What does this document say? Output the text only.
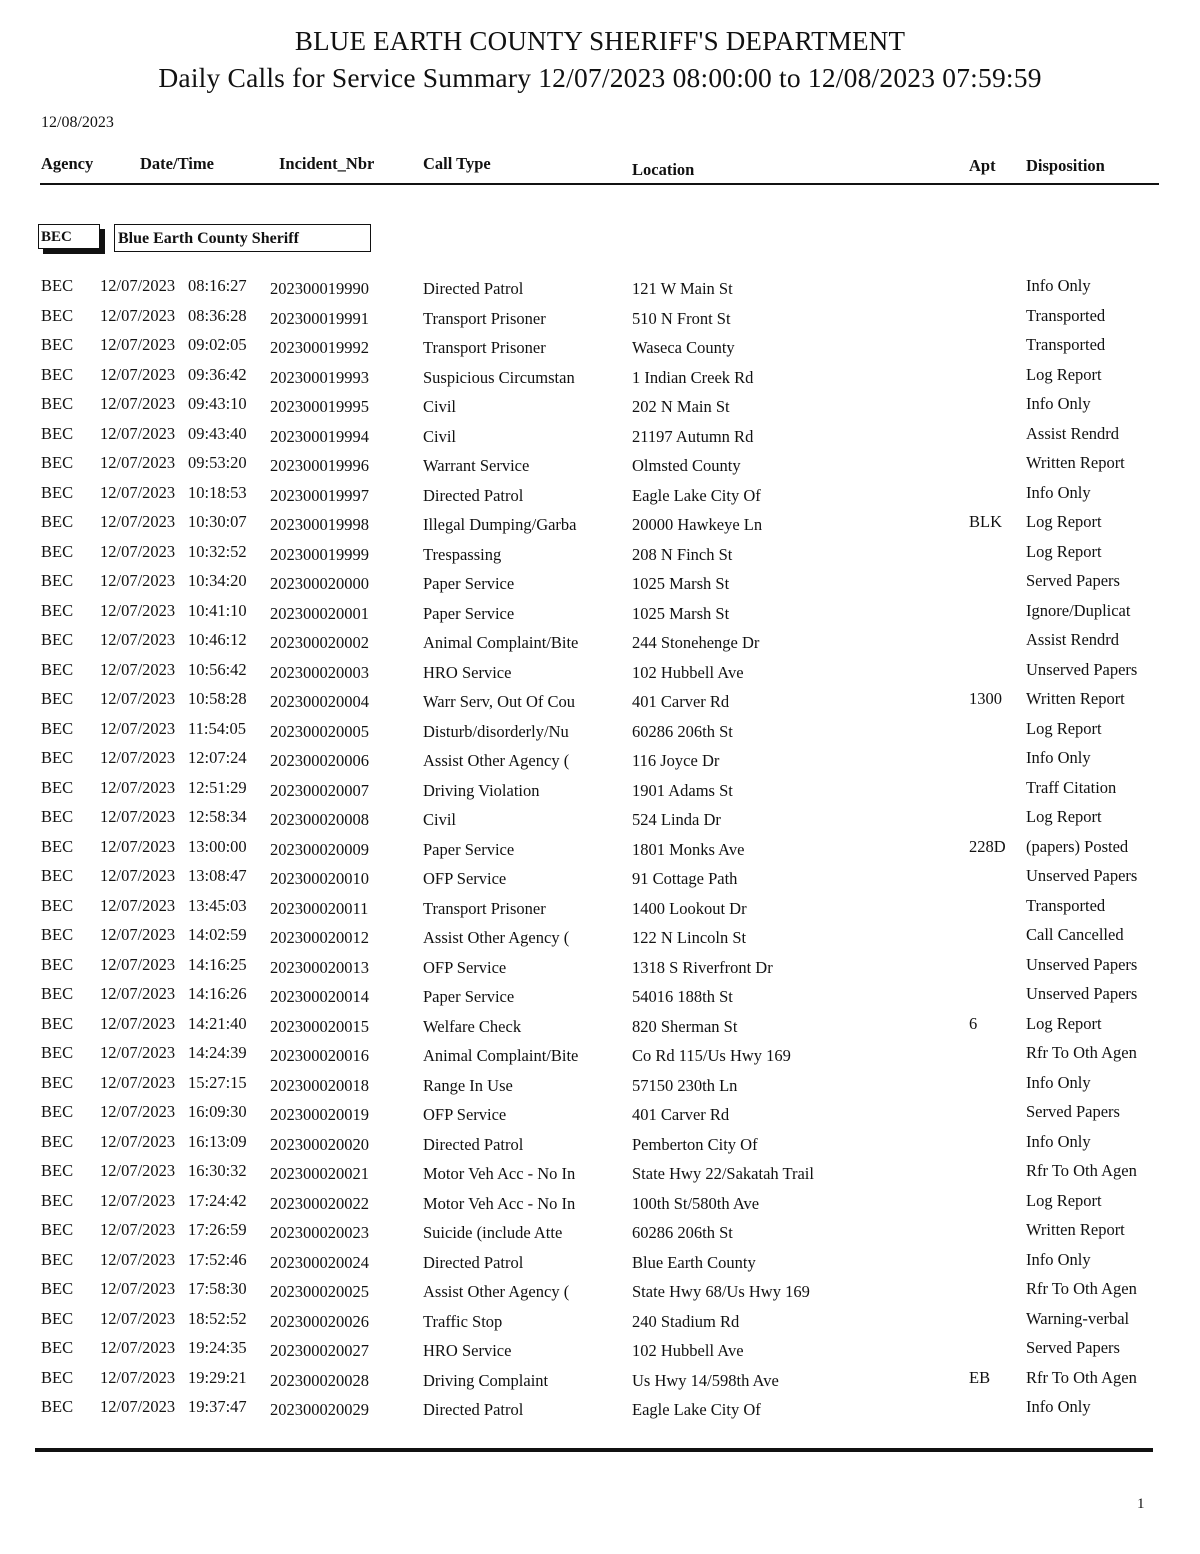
BLUE EARTH COUNTY SHERIFF'S DEPARTMENT
Daily Calls for Service Summary 12/07/2023 08:00:00 to 12/08/2023 07:59:59
12/08/2023
Agency	Date/Time	Incident_Nbr	Call Type	Location	Apt Disposition
BEC	Blue Earth County Sheriff
BEC 12/07/2023 08:16:27 202300019990	Directed Patrol	121 W Main St	Info Only
BEC 12/07/2023 08:36:28 202300019991	Transport Prisoner	510 N Front St	Transported
BEC 12/07/2023 09:02:05 202300019992	Transport Prisoner	Waseca County	Transported
BEC 12/07/2023 09:36:42 202300019993	Suspicious Circumstan	1 Indian Creek Rd	Log Report
BEC 12/07/2023 09:43:10 202300019995	Civil	202 N Main St	Info Only
BEC 12/07/2023 09:43:40 202300019994	Civil	21197 Autumn Rd	Assist Rendrd
BEC 12/07/2023 09:53:20 202300019996	Warrant Service	Olmsted County	Written Report
BEC 12/07/2023 10:18:53 202300019997	Directed Patrol	Eagle Lake City Of	Info Only
BEC 12/07/2023 10:30:07 202300019998	Illegal Dumping/Garba	20000 Hawkeye Ln	BLK Log Report
BEC 12/07/2023 10:32:52 202300019999	Trespassing	208 N Finch St	Log Report
BEC 12/07/2023 10:34:20 202300020000	Paper Service	1025 Marsh St	Served Papers
BEC 12/07/2023 10:41:10 202300020001	Paper Service	1025 Marsh St	Ignore/Duplicat
BEC 12/07/2023 10:46:12 202300020002	Animal Complaint/Bite	244 Stonehenge Dr	Assist Rendrd
BEC 12/07/2023 10:56:42 202300020003	HRO Service	102 Hubbell Ave	Unserved Papers
BEC 12/07/2023 10:58:28 202300020004	Warr Serv, Out Of Cou	401 Carver Rd	1300 Written Report
BEC 12/07/2023 11:54:05 202300020005	Disturb/disorderly/Nu	60286 206th St	Log Report
BEC 12/07/2023 12:07:24 202300020006	Assist Other Agency (	116 Joyce Dr	Info Only
BEC 12/07/2023 12:51:29 202300020007	Driving Violation	1901 Adams St	Traff Citation
BEC 12/07/2023 12:58:34 202300020008	Civil	524 Linda Dr	Log Report
BEC 12/07/2023 13:00:00 202300020009	Paper Service	1801 Monks Ave	228D (papers) Posted
BEC 12/07/2023 13:08:47 202300020010	OFP Service	91 Cottage Path	Unserved Papers
BEC 12/07/2023 13:45:03 202300020011	Transport Prisoner	1400 Lookout Dr	Transported
BEC 12/07/2023 14:02:59 202300020012	Assist Other Agency (	122 N Lincoln St	Call Cancelled
BEC 12/07/2023 14:16:25 202300020013	OFP Service	1318 S Riverfront Dr	Unserved Papers
BEC 12/07/2023 14:16:26 202300020014	Paper Service	54016 188th St	Unserved Papers
BEC 12/07/2023 14:21:40 202300020015	Welfare Check	820 Sherman St	6	Log Report
BEC 12/07/2023 14:24:39 202300020016	Animal Complaint/Bite	Co Rd 115/Us Hwy 169	Rfr To Oth Agen
BEC 12/07/2023 15:27:15 202300020018	Range In Use	57150 230th Ln	Info Only
BEC 12/07/2023 16:09:30 202300020019	OFP Service	401 Carver Rd	Served Papers
BEC 12/07/2023 16:13:09 202300020020	Directed Patrol	Pemberton City Of	Info Only
BEC 12/07/2023 16:30:32 202300020021	Motor Veh Acc - No In	State Hwy 22/Sakatah Trail	Rfr To Oth Agen
BEC 12/07/2023 17:24:42 202300020022	Motor Veh Acc - No In	100th St/580th Ave	Log Report
BEC 12/07/2023 17:26:59 202300020023	Suicide (include Atte	60286 206th St	Written Report
BEC 12/07/2023 17:52:46 202300020024	Directed Patrol	Blue Earth County	Info Only
BEC 12/07/2023 17:58:30 202300020025	Assist Other Agency (	State Hwy 68/Us Hwy 169	Rfr To Oth Agen
BEC 12/07/2023 18:52:52 202300020026	Traffic Stop	240 Stadium Rd	Warning-verbal
BEC 12/07/2023 19:24:35 202300020027	HRO Service	102 Hubbell Ave	Served Papers
BEC 12/07/2023 19:29:21 202300020028	Driving Complaint	Us Hwy 14/598th Ave	EB Rfr To Oth Agen
BEC 12/07/2023 19:37:47 202300020029	Directed Patrol	Eagle Lake City Of	Info Only
1
